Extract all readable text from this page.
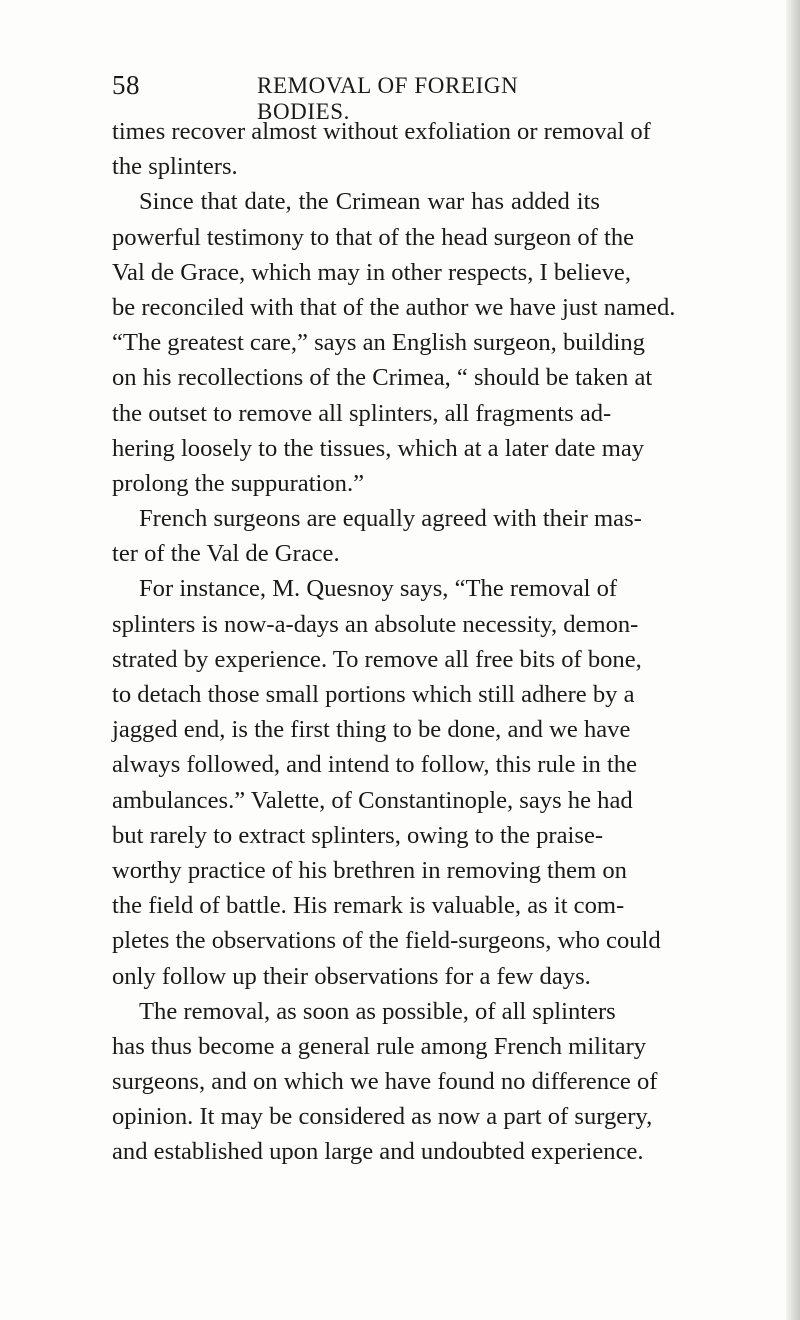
58	REMOVAL OF FOREIGN BODIES.
times recover almost without exfoliation or removal of
the splinters.
Since that date, the Crimean war has added its
powerful testimony to that of the head surgeon of the
Val de Grace, which may in other respects, I believe,
be reconciled with that of the author we have just named.
“The greatest care,” says an English surgeon, building
on his recollections of the Crimea, “ should be taken at
the outset to remove all splinters, all fragments ad-
hering loosely to the tissues, which at a later date may
prolong the suppuration.”
French surgeons are equally agreed with their mas-
ter of the Val de Grace.
For instance, M. Quesnoy says, “The removal of
splinters is now-a-days an absolute necessity, demon-
strated by experience. To remove all free bits of bone,
to detach those small portions which still adhere by a
jagged end, is the first thing to be done, and we have
always followed, and intend to follow, this rule in the
ambulances.” Valette, of Constantinople, says he had
but rarely to extract splinters, owing to the praise-
worthy practice of his brethren in removing them on
the field of battle. His remark is valuable, as it com-
pletes the observations of the field-surgeons, who could
only follow up their observations for a few days.
The removal, as soon as possible, of all splinters
has thus become a general rule among French military
surgeons, and on which we have found no difference of
opinion. It may be considered as now a part of surgery,
and established upon large and undoubted experience.
